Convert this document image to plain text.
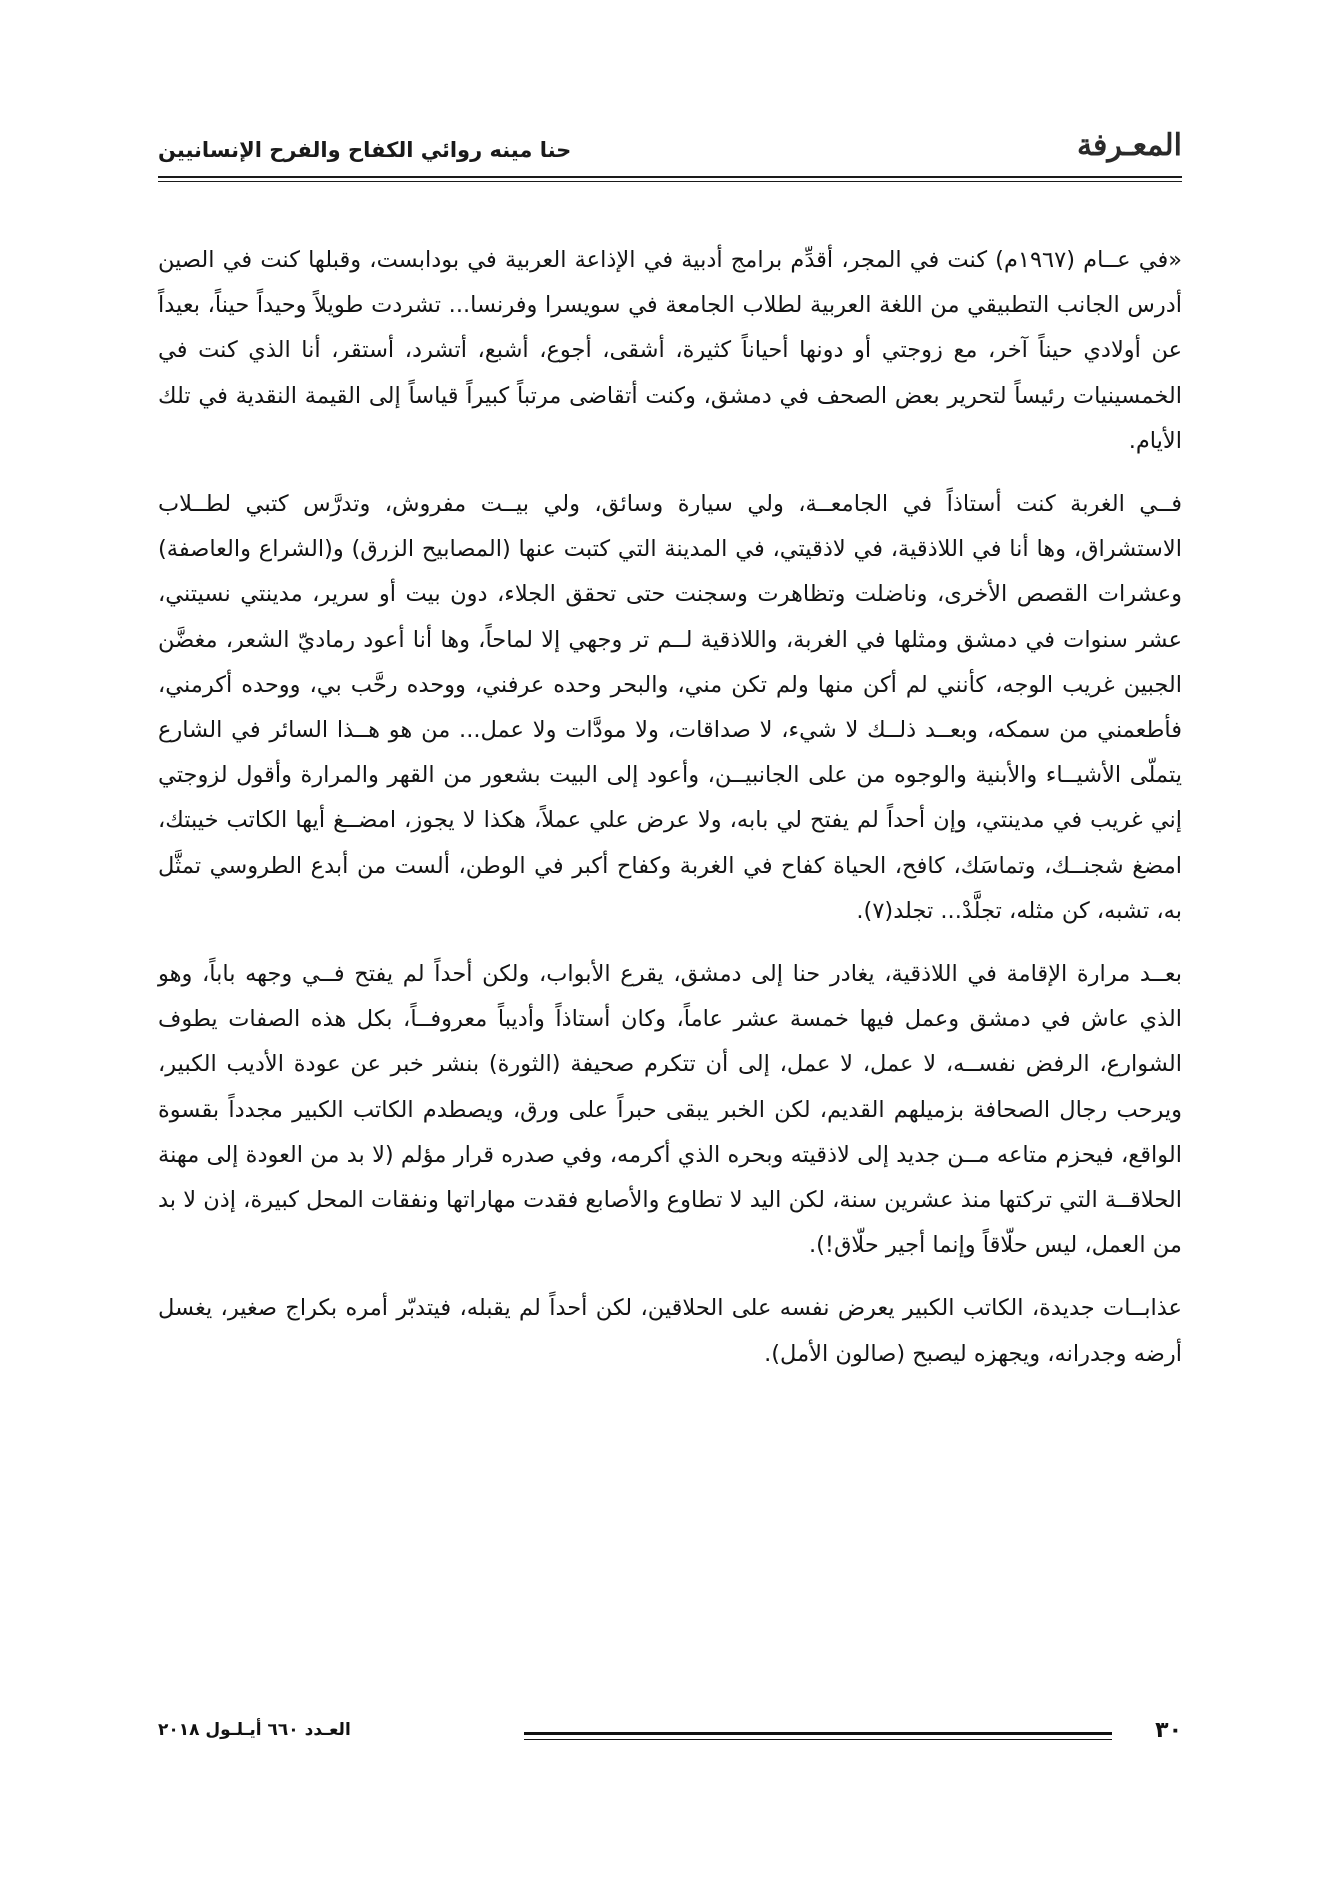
المعـرفة
حنا مينه روائي الكفاح والفرح الإنسانيين

«في عــام (١٩٦٧م) كنت في المجر، أقدِّم برامج أدبية في الإذاعة العربية في بودابست، وقبلها كنت في الصين أدرس الجانب التطبيقي من اللغة العربية لطلاب الجامعة في سويسرا وفرنسا... تشردت طويلاً وحيداً حيناً، بعيداً عن أولادي حيناً آخر، مع زوجتي أو دونها أحياناً كثيرة، أشقى، أجوع، أشبع، أتشرد، أستقر، أنا الذي كنت في الخمسينيات رئيساً لتحرير بعض الصحف في دمشق، وكنت أتقاضى مرتباً كبيراً قياساً إلى القيمة النقدية في تلك الأيام.

فــي الغربة كنت أستاذاً في الجامعــة، ولي سيارة وسائق، ولي بيــت مفروش، وتدرَّس كتبي لطــلاب الاستشراق، وها أنا في اللاذقية، في لاذقيتي، في المدينة التي كتبت عنها (المصابيح الزرق) و(الشراع والعاصفة) وعشرات القصص الأخرى، وناضلت وتظاهرت وسجنت حتى تحقق الجلاء، دون بيت أو سرير، مدينتي نسيتني، عشر سنوات في دمشق ومثلها في الغربة، واللاذقية لــم تر وجهي إلا لماحاً، وها أنا أعود رماديّ الشعر، مغضَّن الجبين غريب الوجه، كأنني لم أكن منها ولم تكن مني، والبحر وحده عرفني، ووحده رحَّب بي، ووحده أكرمني، فأطعمني من سمكه، وبعــد ذلــك لا شيء، لا صداقات، ولا مودَّات ولا عمل... من هو هــذا السائر في الشارع يتملّى الأشيــاء والأبنية والوجوه من على الجانبيــن، وأعود إلى البيت بشعور من القهر والمرارة وأقول لزوجتي إني غريب في مدينتي، وإن أحداً لم يفتح لي بابه، ولا عرض علي عملاً، هكذا لا يجوز، امضــغ أيها الكاتب خيبتك، امضغ شجنــك، وتماسَك، كافح، الحياة كفاح في الغربة وكفاح أكبر في الوطن، ألست من أبدع الطروسي تمثَّل به، تشبه، كن مثله، تجلَّدْ... تجلد(٧).

بعــد مرارة الإقامة في اللاذقية، يغادر حنا إلى دمشق، يقرع الأبواب، ولكن أحداً لم يفتح فــي وجهه باباً، وهو الذي عاش في دمشق وعمل فيها خمسة عشر عاماً، وكان أستاذاً وأديباً معروفــاً، بكل هذه الصفات يطوف الشوارع، الرفض نفســه، لا عمل، لا عمل، إلى أن تتكرم صحيفة (الثورة) بنشر خبر عن عودة الأديب الكبير، ويرحب رجال الصحافة بزميلهم القديم، لكن الخبر يبقى حبراً على ورق، ويصطدم الكاتب الكبير مجدداً بقسوة الواقع، فيحزم متاعه مــن جديد إلى لاذقيته وبحره الذي أكرمه، وفي صدره قرار مؤلم (لا بد من العودة إلى مهنة الحلاقــة التي تركتها منذ عشرين سنة، لكن اليد لا تطاوع والأصابع فقدت مهاراتها ونفقات المحل كبيرة، إذن لا بد من العمل، ليس حلّاقاً وإنما أجير حلّاق!).

عذابــات جديدة، الكاتب الكبير يعرض نفسه على الحلاقين، لكن أحداً لم يقبله، فيتدبّر أمره بكراج صغير، يغسل أرضه وجدرانه، ويجهزه ليصبح (صالون الأمل).

٣٠
العـدد ٦٦٠ أيـلـول ٢٠١٨
